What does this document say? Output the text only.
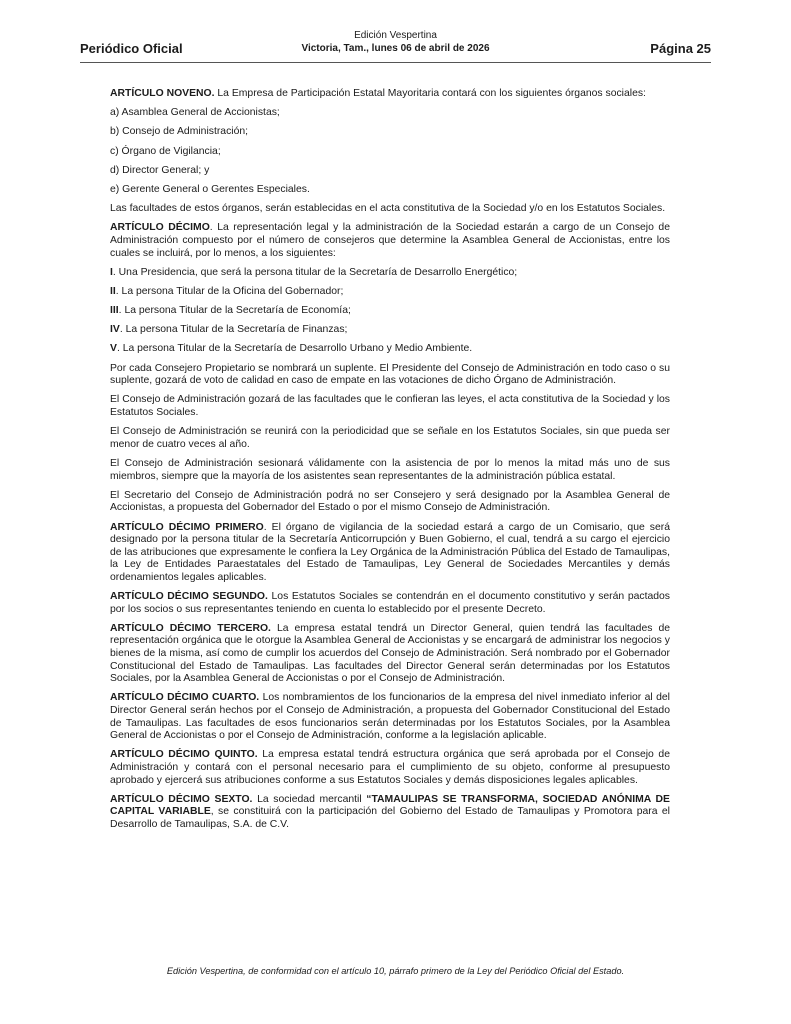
Periódico Oficial
Edición Vespertina
Victoria, Tam., lunes 06 de abril de 2026	Página 25

ARTÍCULO NOVENO. La Empresa de Participación Estatal Mayoritaria contará con los siguientes órganos sociales:

a) Asamblea General de Accionistas;

b) Consejo de Administración;

c) Órgano de Vigilancia;

d) Director General; y

e) Gerente General o Gerentes Especiales.

Las facultades de estos órganos, serán establecidas en el acta constitutiva de la Sociedad y/o en los Estatutos Sociales.

ARTÍCULO DÉCIMO. La representación legal y la administración de la Sociedad estarán a cargo de un Consejo de Administración compuesto por el número de consejeros que determine la Asamblea General de Accionistas, entre los cuales se incluirá, por lo menos, a los siguientes:

I. Una Presidencia, que será la persona titular de la Secretaría de Desarrollo Energético;

II. La persona Titular de la Oficina del Gobernador;

III. La persona Titular de la Secretaría de Economía;

IV. La persona Titular de la Secretaría de Finanzas;

V. La persona Titular de la Secretaría de Desarrollo Urbano y Medio Ambiente.

Por cada Consejero Propietario se nombrará un suplente. El Presidente del Consejo de Administración en todo caso o su suplente, gozará de voto de calidad en caso de empate en las votaciones de dicho Órgano de Administración.

El Consejo de Administración gozará de las facultades que le confieran las leyes, el acta constitutiva de la Sociedad y los Estatutos Sociales.

El Consejo de Administración se reunirá con la periodicidad que se señale en los Estatutos Sociales, sin que pueda ser menor de cuatro veces al año.

El Consejo de Administración sesionará válidamente con la asistencia de por lo menos la mitad más uno de sus miembros, siempre que la mayoría de los asistentes sean representantes de la administración pública estatal.

El Secretario del Consejo de Administración podrá no ser Consejero y será designado por la Asamblea General de Accionistas, a propuesta del Gobernador del Estado o por el mismo Consejo de Administración.

ARTÍCULO DÉCIMO PRIMERO. El órgano de vigilancia de la sociedad estará a cargo de un Comisario, que será designado por la persona titular de la Secretaría Anticorrupción y Buen Gobierno, el cual, tendrá a su cargo el ejercicio de las atribuciones que expresamente le confiera la Ley Orgánica de la Administración Pública del Estado de Tamaulipas, la Ley de Entidades Paraestatales del Estado de Tamaulipas, Ley General de Sociedades Mercantiles y demás ordenamientos legales aplicables.

ARTÍCULO DÉCIMO SEGUNDO. Los Estatutos Sociales se contendrán en el documento constitutivo y serán pactados por los socios o sus representantes teniendo en cuenta lo establecido por el presente Decreto.

ARTÍCULO DÉCIMO TERCERO. La empresa estatal tendrá un Director General, quien tendrá las facultades de representación orgánica que le otorgue la Asamblea General de Accionistas y se encargará de administrar los negocios y bienes de la misma, así como de cumplir los acuerdos del Consejo de Administración. Será nombrado por el Gobernador Constitucional del Estado de Tamaulipas. Las facultades del Director General serán determinadas por los Estatutos Sociales, por la Asamblea General de Accionistas o por el Consejo de Administración.

ARTÍCULO DÉCIMO CUARTO. Los nombramientos de los funcionarios de la empresa del nivel inmediato inferior al del Director General serán hechos por el Consejo de Administración, a propuesta del Gobernador Constitucional del Estado de Tamaulipas. Las facultades de esos funcionarios serán determinadas por los Estatutos Sociales, por la Asamblea General de Accionistas o por el Consejo de Administración, conforme a la legislación aplicable.

ARTÍCULO DÉCIMO QUINTO. La empresa estatal tendrá estructura orgánica que será aprobada por el Consejo de Administración y contará con el personal necesario para el cumplimiento de su objeto, conforme al presupuesto aprobado y ejercerá sus atribuciones conforme a sus Estatutos Sociales y demás disposiciones legales aplicables.

ARTÍCULO DÉCIMO SEXTO. La sociedad mercantil “TAMAULIPAS SE TRANSFORMA, SOCIEDAD ANÓNIMA DE CAPITAL VARIABLE, se constituirá con la participación del Gobierno del Estado de Tamaulipas y Promotora para el Desarrollo de Tamaulipas, S.A. de C.V.

Edición Vespertina, de conformidad con el artículo 10, párrafo primero de la Ley del Periódico Oficial del Estado.
